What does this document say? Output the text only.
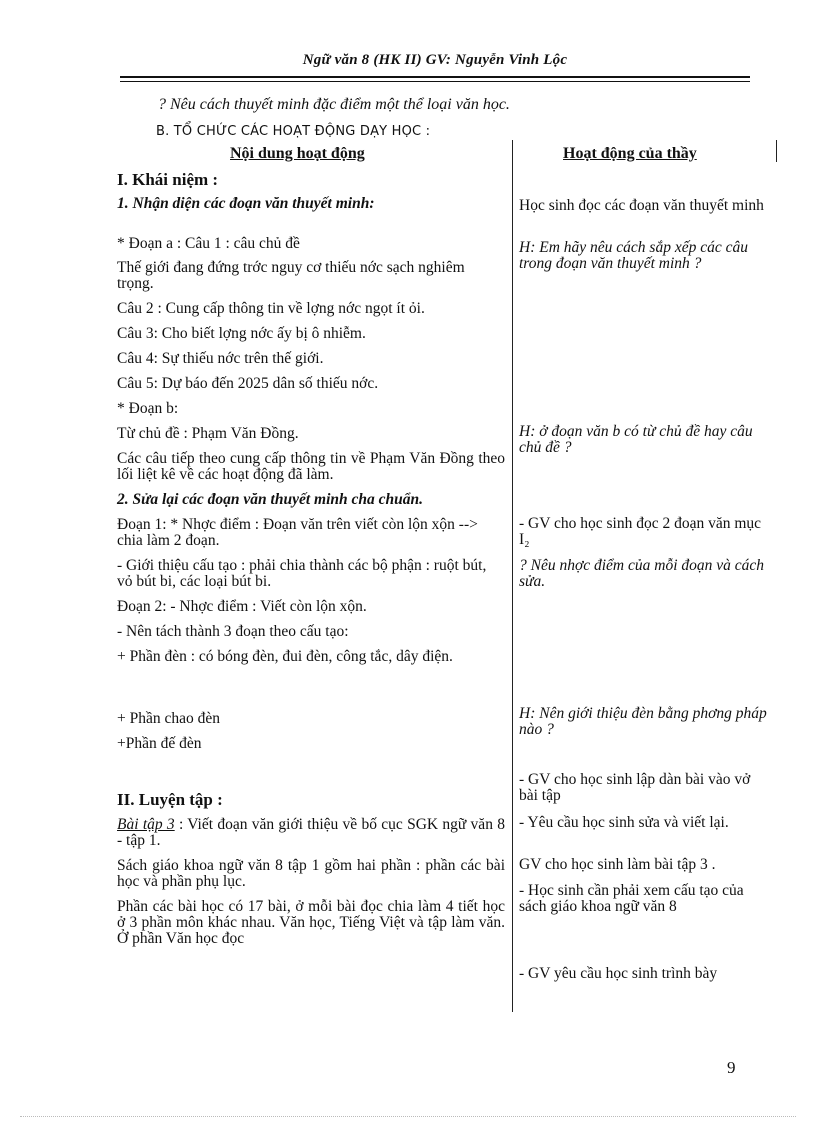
Ngữ văn 8 (HK II) GV: Nguyễn Vinh Lộc
? Nêu cách thuyết minh đặc điểm một thể loại văn học.
B. TỔ CHỨC CÁC HOẠT ĐỘNG DẠY HỌC :
Nội dung hoạt động	Hoạt động của thầy
I. Khái niệm :
1. Nhận diện các đoạn văn thuyết minh:
* Đoạn a : Câu 1 : câu chủ đề
Thế giới đang đứng trớc nguy cơ thiếu nớc sạch nghiêm trọng.
Câu 2 : Cung cấp thông tin về lợng nớc ngọt ít ỏi.
Câu 3: Cho biết lợng nớc ấy bị ô nhiễm.
Câu 4: Sự thiếu nớc trên thế giới.
Câu 5: Dự báo đến 2025 dân số thiếu nớc.
* Đoạn b:
Từ chủ đề : Phạm Văn Đồng.
Các câu tiếp theo cung cấp thông tin về Phạm Văn Đồng theo lối liệt kê về các hoạt động đã làm.
2. Sửa lại các đoạn văn thuyết minh cha chuẩn.
Đoạn 1: * Nhợc điểm : Đoạn văn trên viết còn lộn xộn --> chia làm 2 đoạn.
- Giới thiệu cấu tạo : phải chia thành các bộ phận : ruột bút, vỏ bút bi, các loại bút bi.
Đoạn 2: - Nhợc điểm : Viết còn lộn xộn.
- Nên tách thành 3 đoạn theo cấu tạo:
+ Phần đèn : có bóng đèn, đui đèn, công tắc, dây điện.
+ Phần chao đèn
+Phần đế đèn
II. Luyện tập :
Bài tập 3 : Viết đoạn văn giới thiệu về bố cục SGK ngữ văn 8 - tập 1.
Sách giáo khoa ngữ văn 8 tập 1 gồm hai phần : phần các bài học và phần phụ lục.
Phần các bài học có 17 bài, ở mỗi bài đọc chia làm 4 tiết học ở 3 phần môn khác nhau. Văn học, Tiếng Việt và tập làm văn. Ở phần Văn học đọc
Học sinh đọc các đoạn văn thuyết minh
H: Em hãy nêu cách sắp xếp các câu trong đoạn văn thuyết minh ?
H: ở đoạn văn b có từ chủ đề hay câu chủ đề ?
- GV cho học sinh đọc 2 đoạn văn mục I₂
? Nêu nhợc điểm của mỗi đoạn và cách sửa.
H: Nên giới thiệu đèn bằng phơng pháp nào ?
- GV cho học sinh lập dàn bài vào vở bài tập
- Yêu cầu học sinh sửa và viết lại.
GV cho học sinh làm bài tập 3 .
- Học sinh cần phải xem cấu tạo của sách giáo khoa ngữ văn 8
- GV yêu cầu học sinh trình bày
9
